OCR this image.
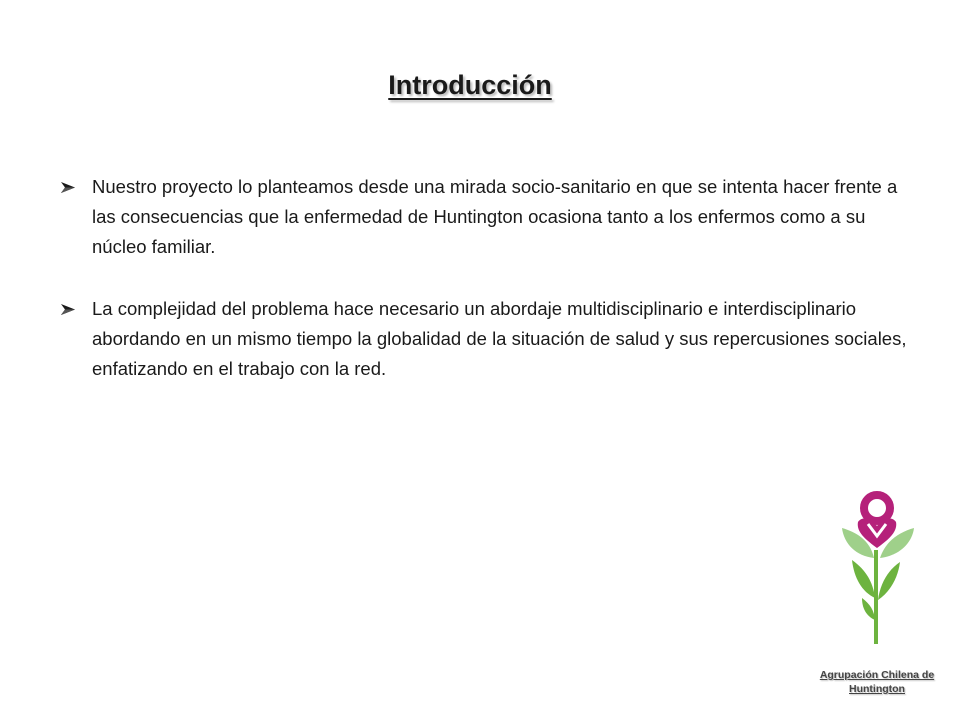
Introducción
Nuestro proyecto lo planteamos desde una mirada socio-sanitario en que se intenta hacer frente a las consecuencias que la enfermedad de Huntington ocasiona tanto a los enfermos como a su núcleo familiar.
La complejidad del problema hace necesario un abordaje multidisciplinario e interdisciplinario abordando en un mismo tiempo la globalidad de la situación de salud y sus repercusiones sociales, enfatizando en el trabajo con la red.
Agrupación Chilena de Huntington
